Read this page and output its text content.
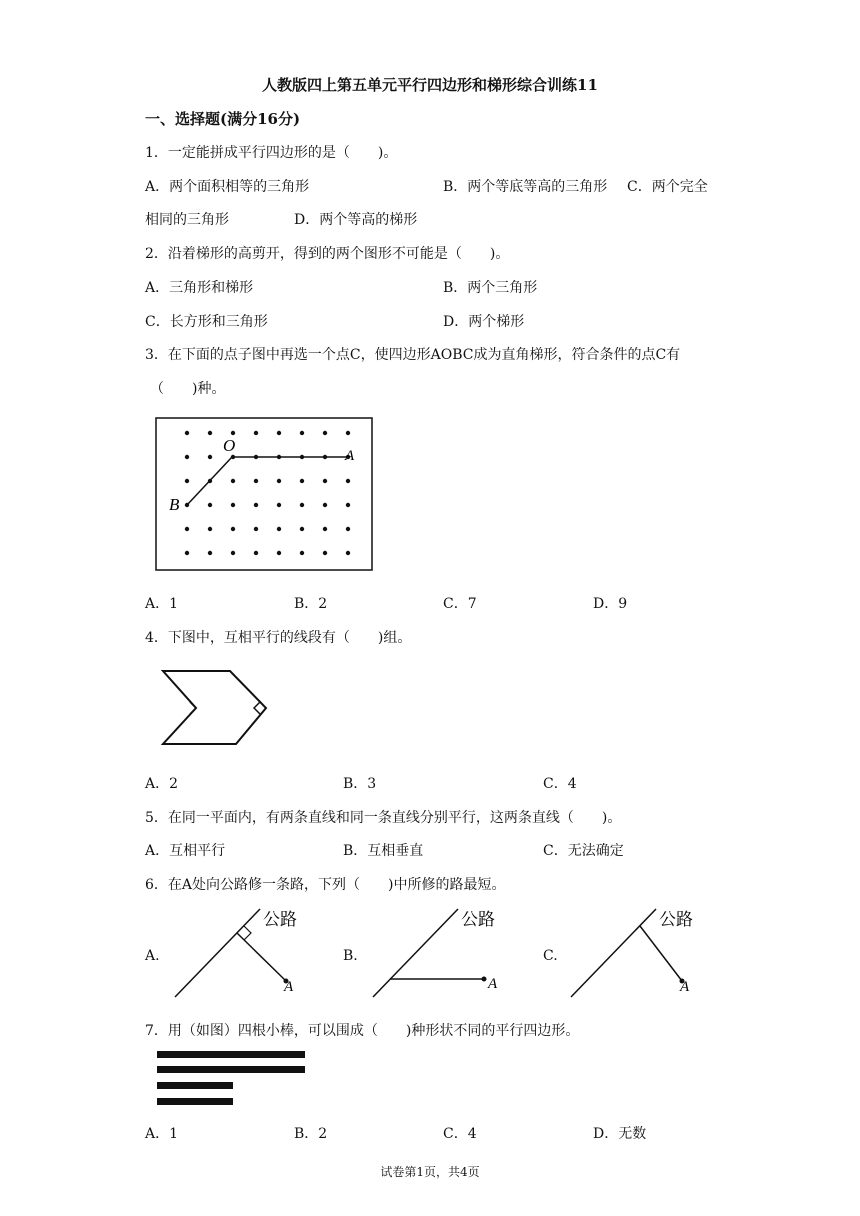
人教版四上第五单元平行四边形和梯形综合训练11
一、选择题(满分16分)
1．一定能拼成平行四边形的是（　　)。
A．两个面积相等的三角形	B．两个等底等高的三角形 C．两个完全
相同的三角形	D．两个等高的梯形
2．沿着梯形的高剪开，得到的两个图形不可能是（　　)。
A．三角形和梯形	B．两个三角形
C．长方形和三角形	D．两个梯形
3．在下面的点子图中再选一个点C，使四边形AOBC成为直角梯形，符合条件的点C有
（　　)种。
O
A
B
A．1	B．2	C．7	D．9
4．下图中，互相平行的线段有（　　)组。
A．2	B．3	C．4
5．在同一平面内，有两条直线和同一条直线分别平行，这两条直线（　　)。
A．互相平行	B．互相垂直	C．无法确定
6．在A处向公路修一条路，下列（　　)中所修的路最短。
A.	B.	C.
公路
A
公路
A
公路
A
7．用（如图）四根小棒，可以围成（　　)种形状不同的平行四边形。
A．1	B．2	C．4	D．无数
试卷第1页，共4页
